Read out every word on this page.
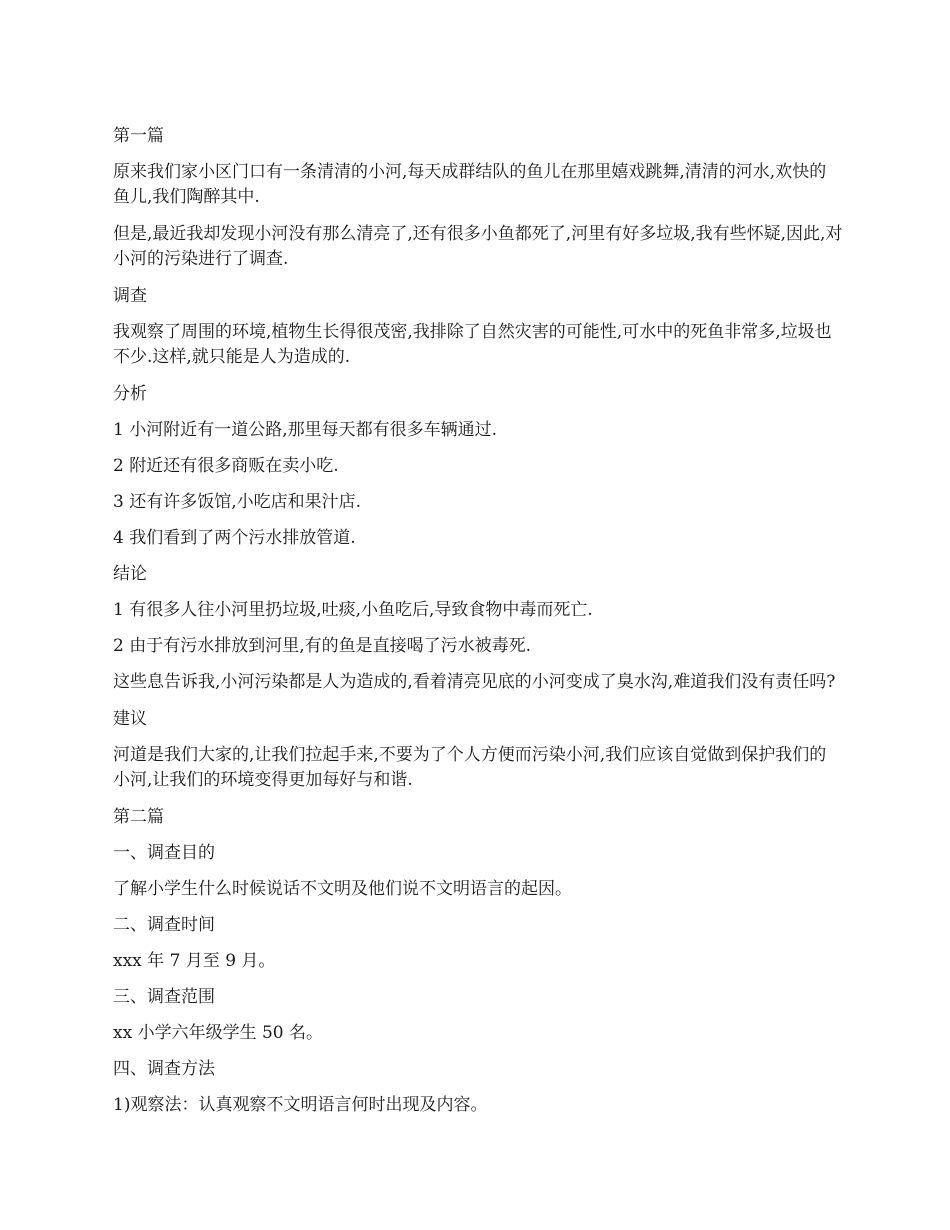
第一篇

原来我们家小区门口有一条清清的小河,每天成群结队的鱼儿在那里嬉戏跳舞,清清的河水,欢快的鱼儿,我们陶醉其中.

但是,最近我却发现小河没有那么清亮了,还有很多小鱼都死了,河里有好多垃圾,我有些怀疑,因此,对小河的污染进行了调查.

调查

我观察了周围的环境,植物生长得很茂密,我排除了自然灾害的可能性,可水中的死鱼非常多,垃圾也不少.这样,就只能是人为造成的.

分析

1 小河附近有一道公路,那里每天都有很多车辆通过.

2 附近还有很多商贩在卖小吃.

3 还有许多饭馆,小吃店和果汁店.

4 我们看到了两个污水排放管道.

结论

1 有很多人往小河里扔垃圾,吐痰,小鱼吃后,导致食物中毒而死亡.

2 由于有污水排放到河里,有的鱼是直接喝了污水被毒死.

这些息告诉我,小河污染都是人为造成的,看着清亮见底的小河变成了臭水沟,难道我们没有责任吗?

建议

河道是我们大家的,让我们拉起手来,不要为了个人方便而污染小河,我们应该自觉做到保护我们的小河,让我们的环境变得更加每好与和谐.

第二篇

一、调查目的

了解小学生什么时候说话不文明及他们说不文明语言的起因。

二、调查时间

xxx 年 7 月至 9 月。

三、调查范围

xx 小学六年级学生 50 名。

四、调查方法

1)观察法：认真观察不文明语言何时出现及内容。
